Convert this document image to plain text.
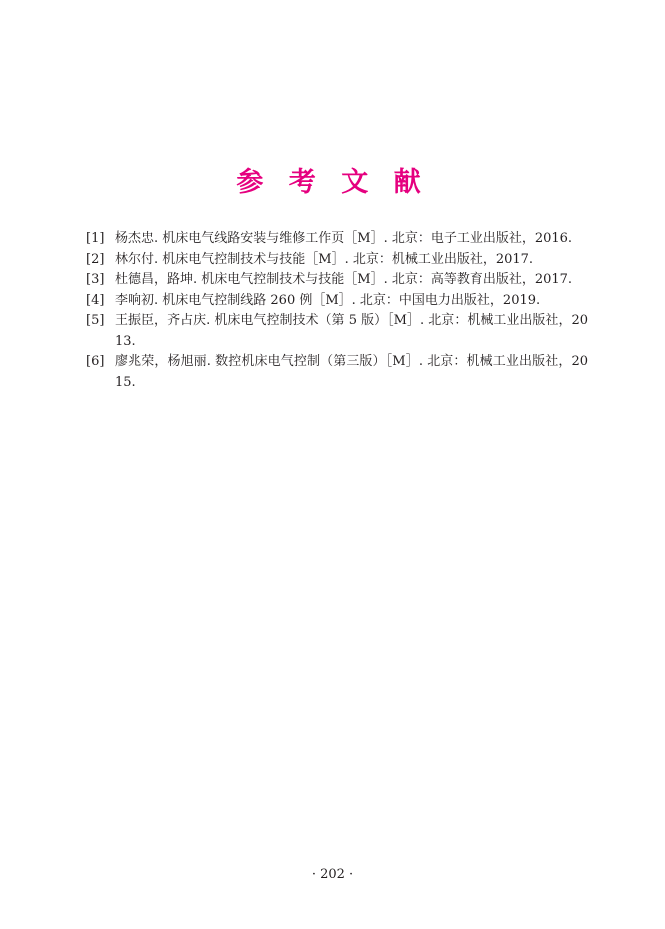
参 考 文 献
[1] 杨杰忠. 机床电气线路安装与维修工作页［M］. 北京：电子工业出版社，2016.
[2] 林尔付. 机床电气控制技术与技能［M］. 北京：机械工业出版社，2017.
[3] 杜德昌，路坤. 机床电气控制技术与技能［M］. 北京：高等教育出版社，2017.
[4] 李响初. 机床电气控制线路 260 例［M］. 北京：中国电力出版社，2019.
[5] 王振臣，齐占庆. 机床电气控制技术（第 5 版）［M］. 北京：机械工业出版社，2013.
[6] 廖兆荣，杨旭丽. 数控机床电气控制（第三版）［M］. 北京：机械工业出版社，2015.
· 202 ·
